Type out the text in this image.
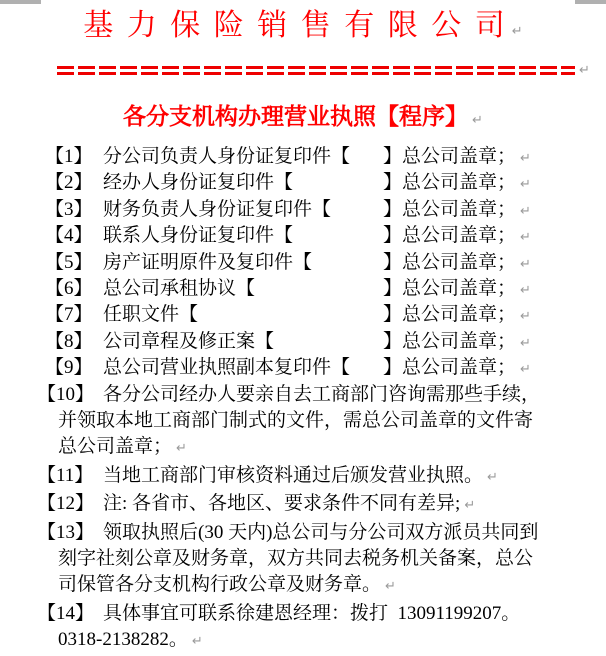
基 力 保 险 销 售 有 限 公 司 ↵
↵
各分支机构办理营业执照【程序】 ↵
【1】 分公司负责人身份证复印件【 】总公司盖章； ↵
【2】 经办人身份证复印件【	】总公司盖章； ↵
【3】 财务负责人身份证复印件【	】总公司盖章； ↵
【4】 联系人身份证复印件【	】总公司盖章； ↵
【5】 房产证明原件及复印件【	】总公司盖章； ↵
【6】 总公司承租协议【	】总公司盖章； ↵
【7】 任职文件【	】总公司盖章； ↵
【8】 公司章程及修正案【	】总公司盖章； ↵
【9】 总公司营业执照副本复印件【 】总公司盖章； ↵
【10】 各分公司经办人要亲自去工商部门咨询需那些手续，
并领取本地工商部门制式的文件，需总公司盖章的文件寄
总公司盖章； ↵
【11】 当地工商部门审核资料通过后颁发营业执照。 ↵
【12】 注: 各省市、各地区、要求条件不同有差异; ↵
【13】 领取执照后(30 天内)总公司与分公司双方派员共同到
刻字社刻公章及财务章，双方共同去税务机关备案，总公
司保管各分支机构行政公章及财务章。 ↵
【14】 具体事宜可联系徐建恩经理：拨打  13091199207。
0318-2138282。 ↵
